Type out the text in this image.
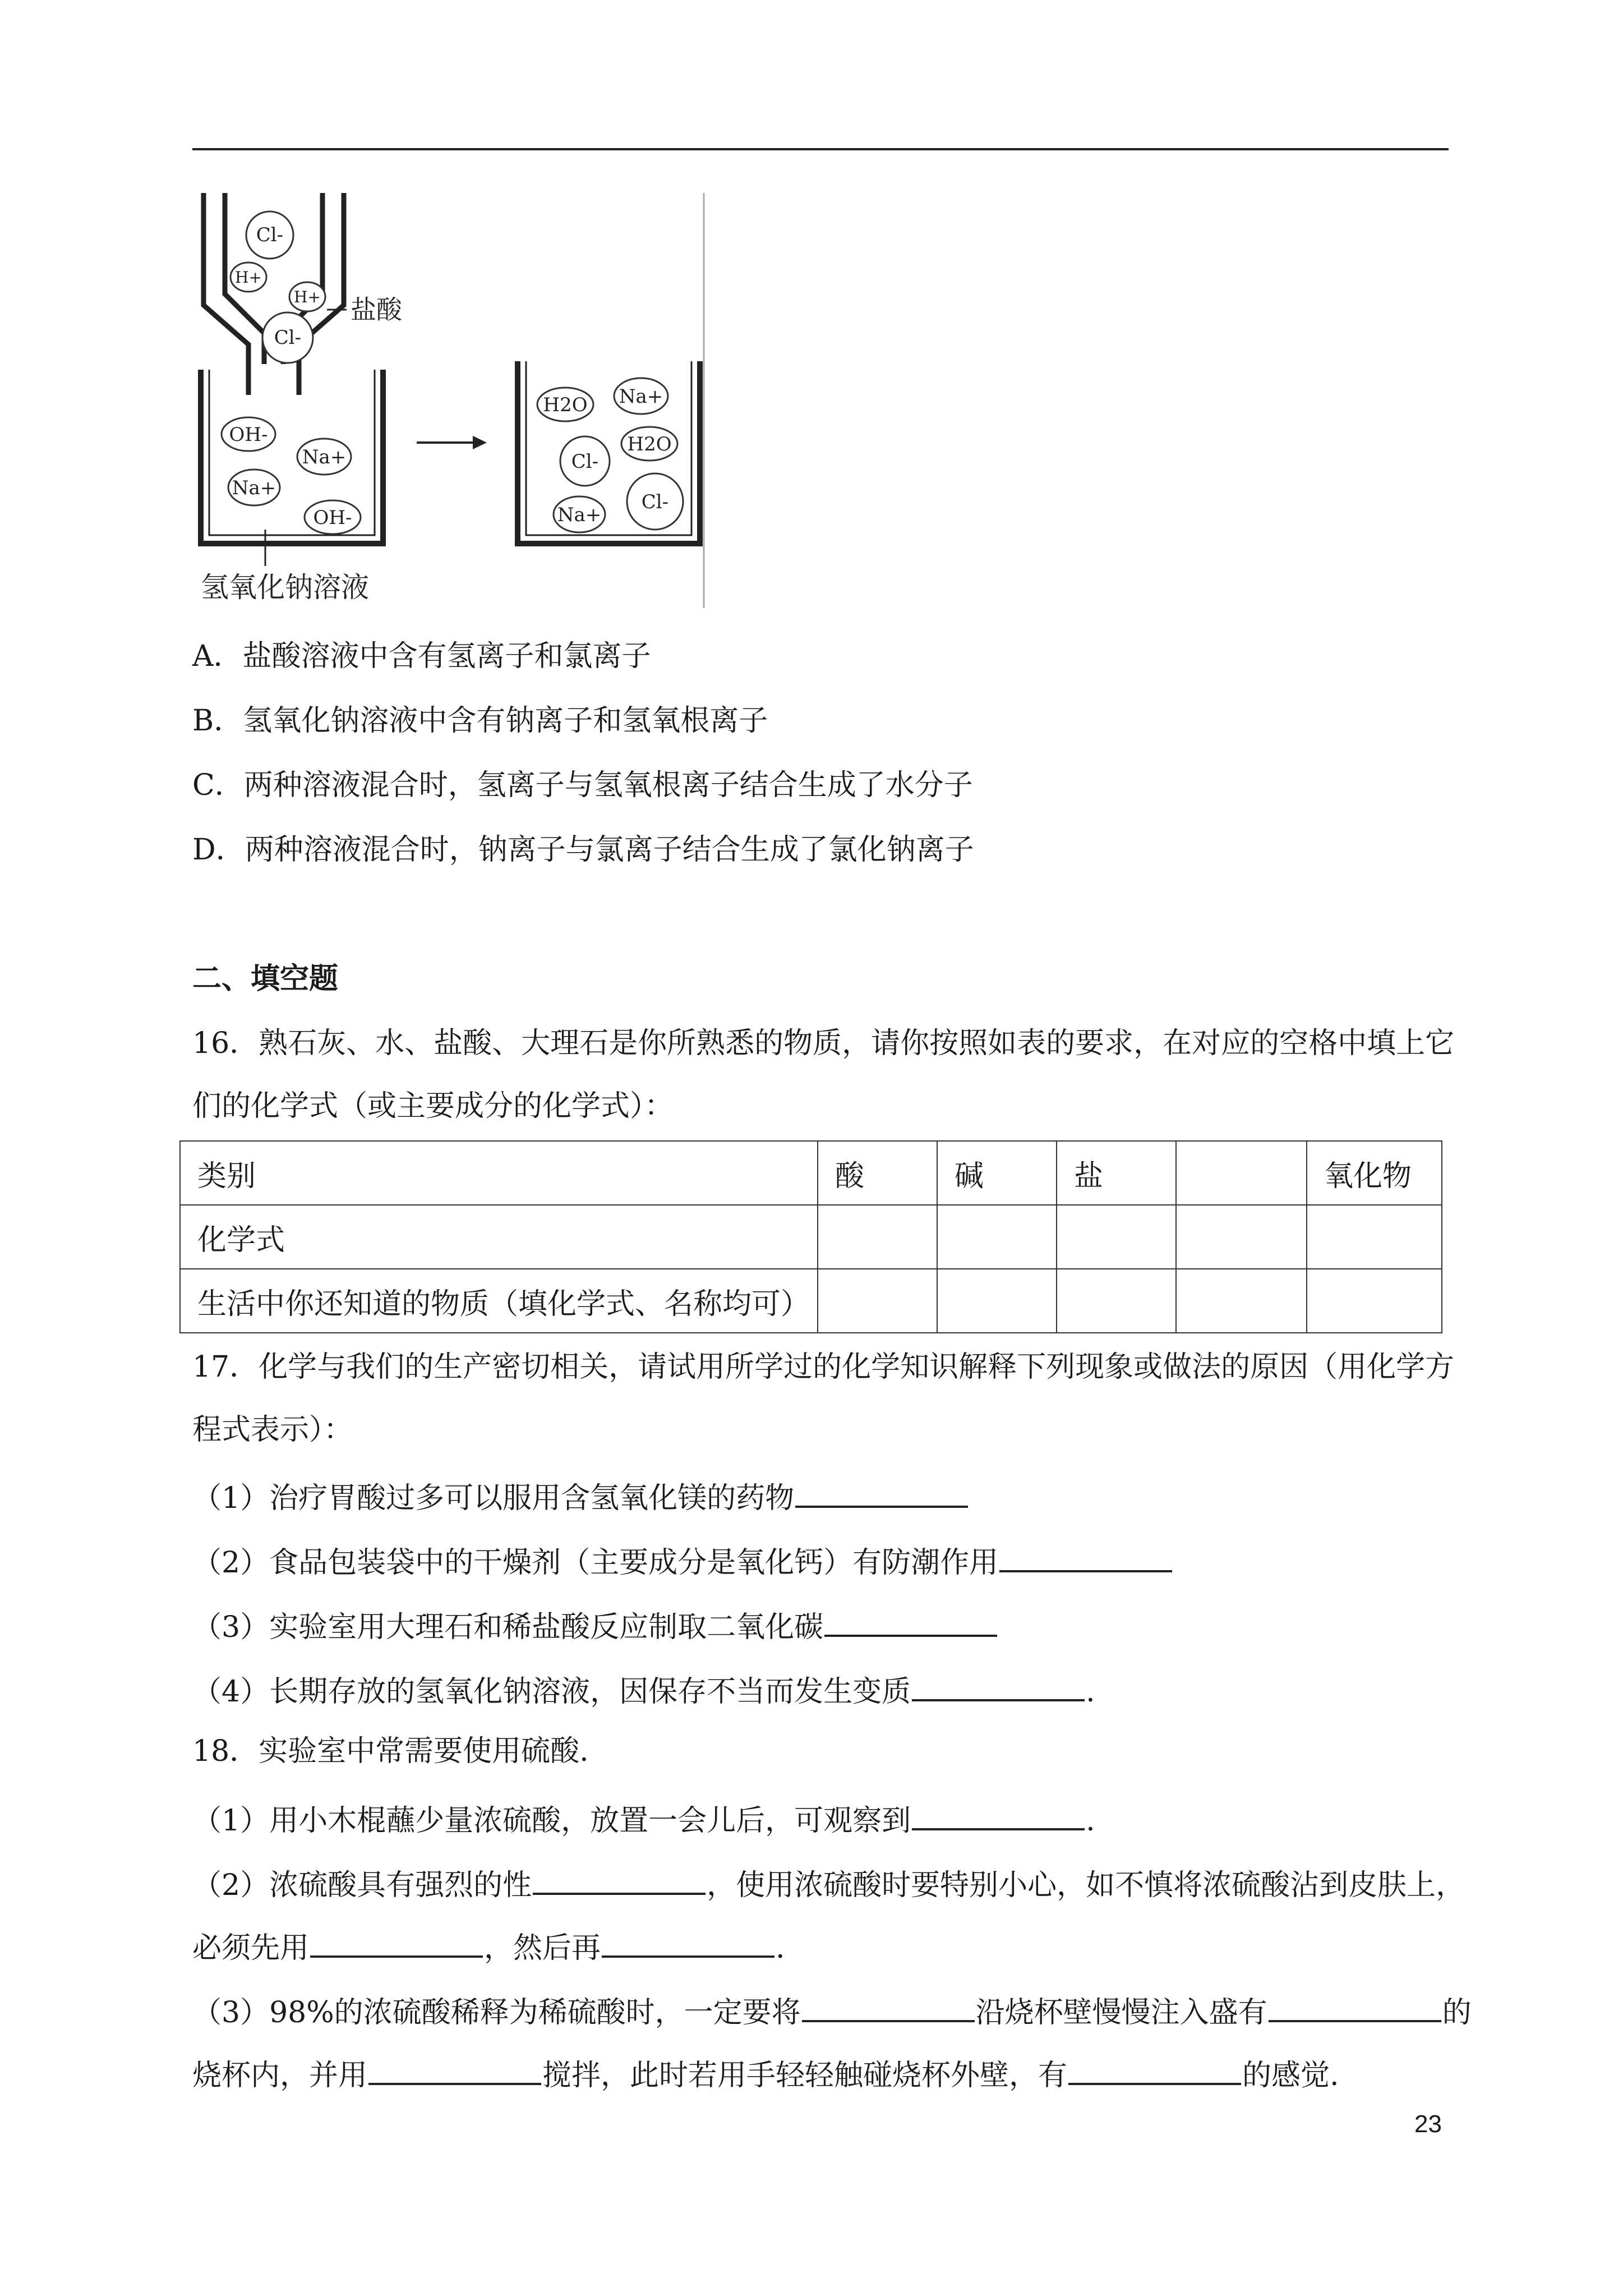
Cl-
H+
H+
Cl-
盐酸
OH-
Na+
Na+
OH-
氢氧化钠溶液
H2O Na+
H2O
Cl-
Cl-
Na+
A．盐酸溶液中含有氢离子和氯离子
B．氢氧化钠溶液中含有钠离子和氢氧根离子
C．两种溶液混合时，氢离子与氢氧根离子结合生成了水分子
D．两种溶液混合时，钠离子与氯离子结合生成了氯化钠离子
二、填空题
16．熟石灰、水、盐酸、大理石是你所熟悉的物质，请你按照如表的要求，在对应的空格中填上它
们的化学式（或主要成分的化学式）：
类别	酸	碱	盐		氧化物
化学式					
生活中你还知道的物质（填化学式、名称均可）					
17．化学与我们的生产密切相关，请试用所学过的化学知识解释下列现象或做法的原因（用化学方
程式表示）：
（1）治疗胃酸过多可以服用含氢氧化镁的药物
（2）食品包装袋中的干燥剂（主要成分是氧化钙）有防潮作用
（3）实验室用大理石和稀盐酸反应制取二氧化碳
（4）长期存放的氢氧化钠溶液，因保存不当而发生变质	.
18．实验室中常需要使用硫酸.
（1）用小木棍蘸少量浓硫酸，放置一会儿后，可观察到	.
（2）浓硫酸具有强烈的性	，使用浓硫酸时要特别小心，如不慎将浓硫酸沾到皮肤上，
必须先用	，然后再	.
（3）98%的浓硫酸稀释为稀硫酸时，一定要将	沿烧杯壁慢慢注入盛有	的
烧杯内，并用	搅拌，此时若用手轻轻触碰烧杯外壁，有	的感觉.
23
